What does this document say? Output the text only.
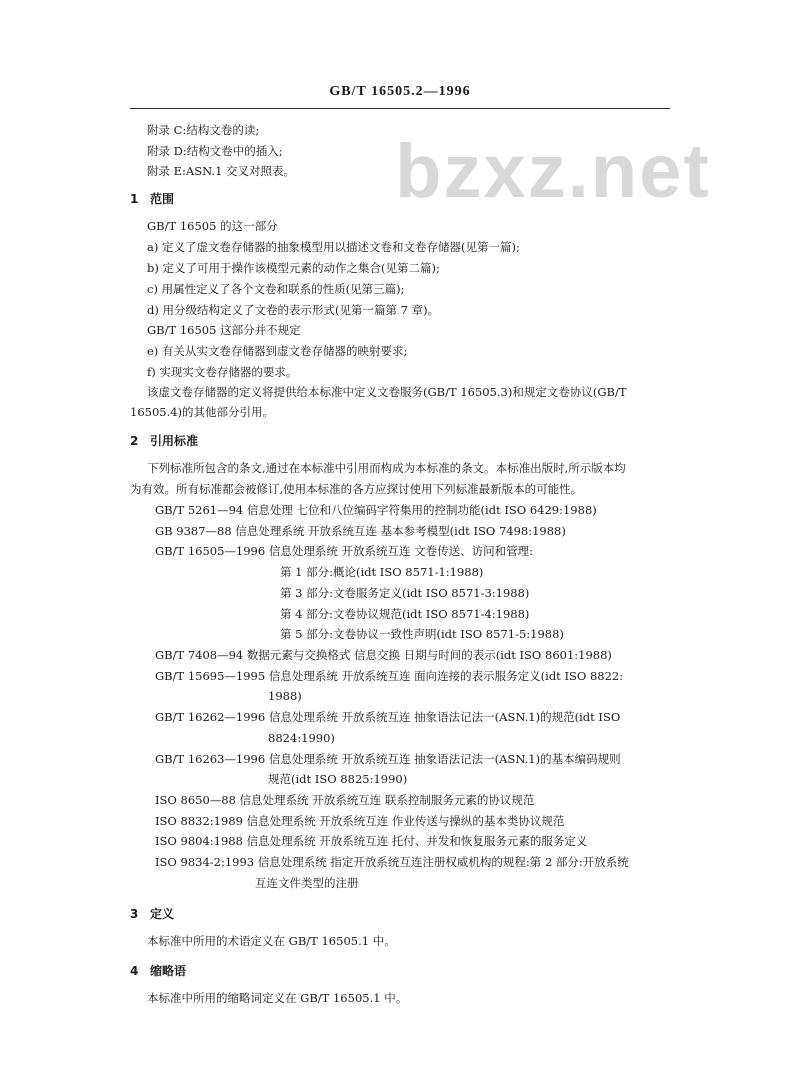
GB/T 16505.2—1996
bzxz.net
附录 C:结构文卷的读;
附录 D:结构文卷中的插入;
附录 E:ASN.1 交叉对照表。
1 范围
GB/T 16505 的这一部分
a) 定义了虚文卷存储器的抽象模型用以描述文卷和文卷存储器(见第一篇);
b) 定义了可用于操作该模型元素的动作之集合(见第二篇);
c) 用属性定义了各个文卷和联系的性质(见第三篇);
d) 用分级结构定义了文卷的表示形式(见第一篇第 7 章)。
GB/T 16505 这部分并不规定
e) 有关从实文卷存储器到虚文卷存储器的映射要求;
f) 实现实文卷存储器的要求。
该虚文卷存储器的定义将提供给本标准中定义文卷服务(GB/T 16505.3)和规定文卷协议(GB/T
16505.4)的其他部分引用。
2 引用标准
下列标准所包含的条文,通过在本标准中引用而构成为本标准的条文。本标准出版时,所示版本均
为有效。所有标准都会被修订,使用本标准的各方应探讨使用下列标准最新版本的可能性。
GB/T 5261—94 信息处理 七位和八位编码字符集用的控制功能(idt ISO 6429:1988)
GB 9387—88 信息处理系统 开放系统互连 基本参考模型(idt ISO 7498:1988)
GB/T 16505—1996 信息处理系统 开放系统互连 文卷传送、访问和管理:
第 1 部分:概论(idt ISO 8571-1:1988)
第 3 部分:文卷服务定义(idt ISO 8571-3:1988)
第 4 部分:文卷协议规范(idt ISO 8571-4:1988)
第 5 部分:文卷协议一致性声明(idt ISO 8571-5:1988)
GB/T 7408—94 数据元素与交换格式 信息交换 日期与时间的表示(idt ISO 8601:1988)
GB/T 15695—1995 信息处理系统 开放系统互连 面向连接的表示服务定义(idt ISO 8822:
1988)
GB/T 16262—1996 信息处理系统 开放系统互连 抽象语法记法一(ASN.1)的规范(idt ISO
8824:1990)
GB/T 16263—1996 信息处理系统 开放系统互连 抽象语法记法一(ASN.1)的基本编码规则
规范(idt ISO 8825:1990)
ISO 8650—88 信息处理系统 开放系统互连 联系控制服务元素的协议规范
ISO 8832:1989 信息处理系统 开放系统互连 作业传送与操纵的基本类协议规范
ISO 9804:1988 信息处理系统 开放系统互连 托付、并发和恢复服务元素的服务定义
ISO 9834-2:1993 信息处理系统 指定开放系统互连注册权威机构的规程:第 2 部分:开放系统
互连文件类型的注册
3 定义
本标准中所用的术语定义在 GB/T 16505.1 中。
4 缩略语
本标准中所用的缩略词定义在 GB/T 16505.1 中。
